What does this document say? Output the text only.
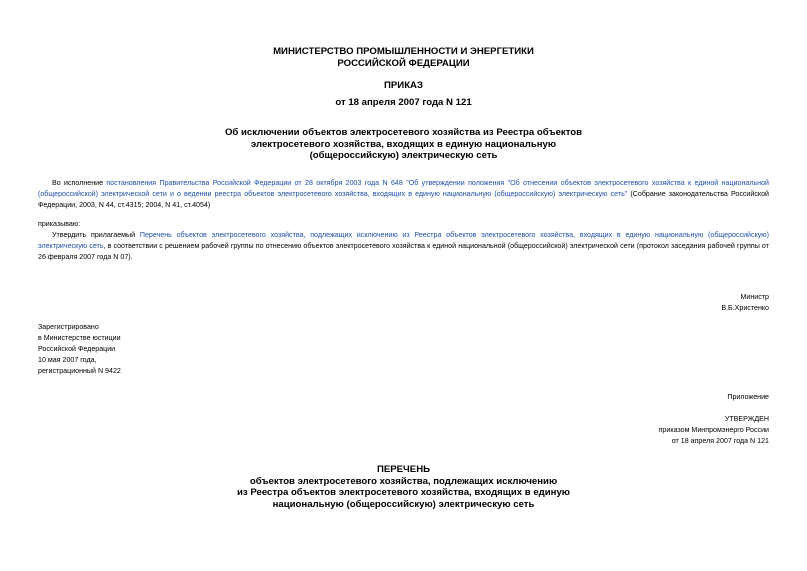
МИНИСТЕРСТВО ПРОМЫШЛЕННОСТИ И ЭНЕРГЕТИКИ
РОССИЙСКОЙ ФЕДЕРАЦИИ
ПРИКАЗ
от 18 апреля 2007 года N 121
Об исключении объектов электросетевого хозяйства из Реестра объектов
электросетевого хозяйства, входящих в единую национальную
(общероссийскую) электрическую сеть
Во исполнение постановления Правительства Российской Федерации от 28 октября 2003 года N 648 "Об утверждении положения "Об отнесении объектов электросетевого хозяйства к единой национальной (общероссийской) электрической сети и о ведении реестра объектов электросетевого хозяйства, входящих в единую национальную (общероссийскую) электрическую сеть" (Собрание законодательства Российской Федерации, 2003, N 44, ст.4315; 2004, N 41, ст.4054)
приказываю:
Утвердить прилагаемый Перечень объектов электросетевого хозяйства, подлежащих исключению из Реестра объектов электросетевого хозяйства, входящих в единую национальную (общероссийскую) электрическую сеть, в соответствии с решением рабочей группы по отнесению объектов электросетевого хозяйства к единой национальной (общероссийской) электрической сети (протокол заседания рабочей группы от 26 февраля 2007 года N 07).
Министр
В.Б.Христенко
Зарегистрировано
в Министерстве юстиции
Российской Федерации
10 мая 2007 года,
регистрационный N 9422
Приложение
УТВЕРЖДЕН
приказом Минпромэнерго России
от 18 апреля 2007 года N 121
ПЕРЕЧЕНЬ
объектов электросетевого хозяйства, подлежащих исключению
из Реестра объектов электросетевого хозяйства, входящих в единую
национальную (общероссийскую) электрическую сеть
